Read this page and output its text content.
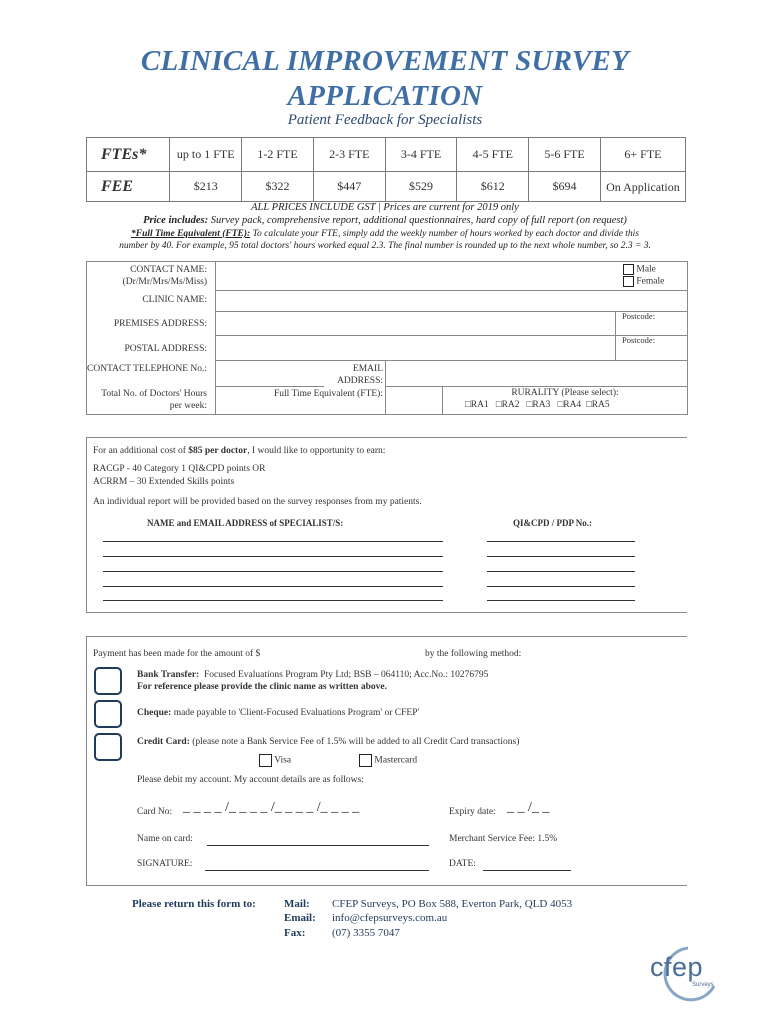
CLINICAL IMPROVEMENT SURVEY
APPLICATION
Patient Feedback for Specialists
FTEs*	up to 1 FTE	1-2 FTE	2-3 FTE	3-4 FTE	4-5 FTE	5-6 FTE	6+ FTE
FEE	$213	$322	$447	$529	$612	$694	On Application
ALL PRICES INCLUDE GST | Prices are current for 2019 only
Price includes: Survey pack, comprehensive report, additional questionnaires, hard copy of full report (on request)
*Full Time Equivalent (FTE): To calculate your FTE, simply add the weekly number of hours worked by each doctor and divide this
number by 40. For example, 95 total doctors' hours worked equal 2.3. The final number is rounded up to the next whole number, so 2.3 = 3.
CONTACT NAME: (Dr/Mr/Mrs/Ms/Miss)
Male
Female
CLINIC NAME:
PREMISES ADDRESS:
Postcode:
POSTAL ADDRESS:
Postcode:
CONTACT TELEPHONE No.:	EMAIL ADDRESS:
Total No. of Doctors' Hours per week:
Full Time Equivalent (FTE):	RURALITY (Please select):
□RA1 □RA2 □RA3 □RA4 □RA5
For an additional cost of $85 per doctor, I would like to opportunity to earn:
RACGP - 40 Category 1 QI&CPD points OR
ACRRM – 30 Extended Skills points
An individual report will be provided based on the survey responses from my patients.
NAME and EMAIL ADDRESS of SPECIALIST/S:	QI&CPD / PDP No.:
Payment has been made for the amount of $	by the following method:
Bank Transfer: Focused Evaluations Program Pty Ltd; BSB – 064110; Acc.No.: 10276795
For reference please provide the clinic name as written above.
Cheque: made payable to 'Client-Focused Evaluations Program' or CFEP'
Credit Card: (please note a Bank Service Fee of 1.5% will be added to all Credit Card transactions)
Visa	Mastercard
Please debit my account. My account details are as follows:
Card No: _ _ _ _ /_ _ _ _ /_ _ _ _ /_ _ _ _	Expiry date: _ _ /_ _
Name on card:	Merchant Service Fee: 1.5%
SIGNATURE:	DATE:
Please return this form to:	Mail: CFEP Surveys, PO Box 588, Everton Park, QLD 4053
Email: info@cfepsurveys.com.au
Fax: (07) 3355 7047
cfep
Surveys
